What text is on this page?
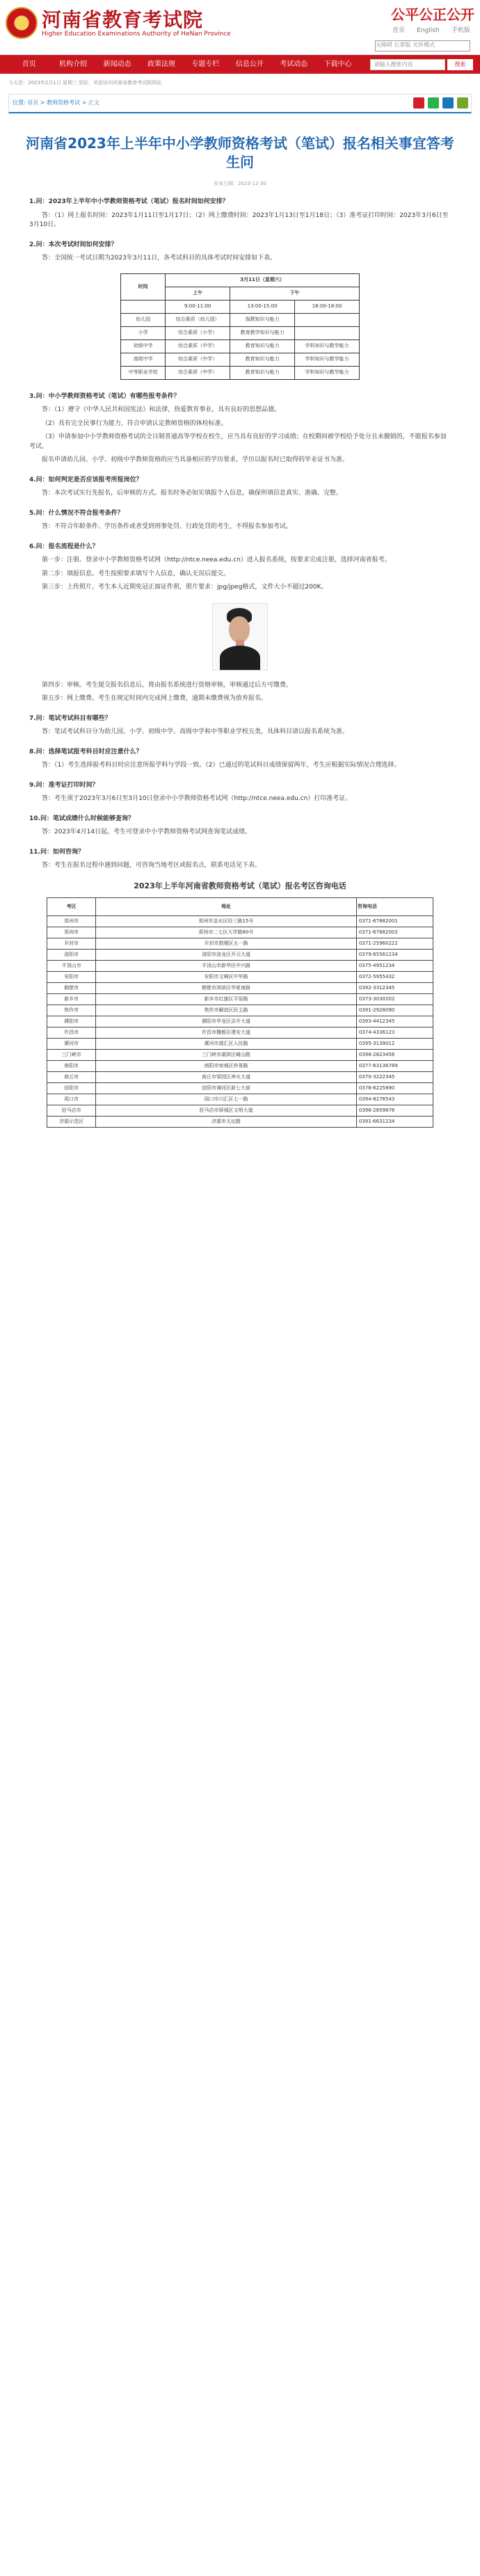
河南省教育考试院
Higher Education Examinations Authority of HeNan Province
公平公正公开
首页 English 手机版
无障碍 长辈版 关怀模式
首页	机构介绍	新闻动态	政策法规	专题专栏	信息公开	考试动态	下载中心	请输入搜索内容	搜索
今天是：2023年2月1日 星期三 您好，欢迎访问河南省教育考试院网站
位置: 首页 > 教师资格考试 > 正文
河南省2023年上半年中小学教师资格考试（笔试）报名相关事宜答考生问
发布日期：2023-12-30

1.问：2023年上半年中小学教师资格考试（笔试）报名时间如何安排？

答：（1）网上报名时间：2023年1月11日至1月17日；（2）网上缴费时间：2023年1月13日至1月18日；（3）准考证打印时间：2023年3月6日至3月10日。

2.问：本次考试时间如何安排？

答：全国统一考试日期为2023年3月11日，各考试科目的具体考试时间安排如下表。

时间	3月11日（星期六）		
	上午	下午	
	9:00-11:00	13:00-15:00	16:00-18:00
幼儿园	综合素质（幼儿园）	保教知识与能力	
小学	综合素质（小学）	教育教学知识与能力	
初级中学	综合素质（中学）	教育知识与能力	学科知识与教学能力
高级中学	综合素质（中学）	教育知识与能力	学科知识与教学能力
中等职业学校	综合素质（中学）	教育知识与能力	学科知识与教学能力

3.问：中小学教师资格考试（笔试）有哪些报考条件？

答：（1）遵守《中华人民共和国宪法》和法律，热爱教育事业，具有良好的思想品德。

（2）具有完全民事行为能力，符合申请认定教师资格的体检标准。

（3）申请参加中小学教师资格考试的全日制普通高等学校在校生，应当具有良好的学习成绩；在校期间被学校给予处分且未撤销的，不能报名参加考试。

报名申请幼儿园、小学、初级中学教师资格的应当具备相应的学历要求，学历以报名时已取得的毕业证书为准。

4.问：如何判定是否应该报考所报岗位？

答：本次考试实行先报名，后审核的方式。报名时务必如实填报个人信息，确保所填信息真实、准确、完整。

5.问：什么情况不符合报考条件？

答：不符合年龄条件、学历条件或者受到刑事处罚、行政处罚的考生，不得报名参加考试。

6.问：报名流程是什么？

第一步：注册。登录中小学教师资格考试网（http://ntce.neea.edu.cn）进入报名系统，按要求完成注册，选择河南省报考。

第二步：填报信息。考生按照要求填写个人信息，确认无误后提交。

第三步：上传照片。考生本人近期免冠正面证件照，照片要求：jpg/jpeg格式，文件大小不超过200K。

第四步：审核。考生提交报名信息后，将由报名系统进行资格审核，审核通过后方可缴费。

第五步：网上缴费。考生在规定时间内完成网上缴费，逾期未缴费视为放弃报名。

7.问：笔试考试科目有哪些？

答：笔试考试科目分为幼儿园、小学、初级中学、高级中学和中等职业学校五类，具体科目请以报名系统为准。

8.问：选择笔试报考科目时应注意什么？

答：（1）考生选择报考科目时应注意所报学科与学段一致。（2）已通过的笔试科目成绩保留两年，考生应根据实际情况合理选择。

9.问：准考证打印时间？

答：考生须于2023年3月6日至3月10日登录中小学教师资格考试网（http://ntce.neea.edu.cn）打印准考证。

10.问：笔试成绩什么时候能够查询？

答：2023年4月14日起，考生可登录中小学教师资格考试网查询笔试成绩。

11.问：如何咨询？

答：考生在报名过程中遇到问题，可咨询当地考区或报名点，联系电话见下表。

2023年上半年河南省教师资格考试（笔试）报名考区咨询电话
考区	地址	咨询电话
郑州市	郑州市金水区经三路15号	0371-67882001
郑州市	郑州市二七区大学路80号	0371-67882002
开封市	开封市鼓楼区五一路	0371-25960222
洛阳市	洛阳市洛龙区开元大道	0379-65561234
平顶山市	平顶山市新华区中兴路	0375-4951234
安阳市	安阳市文峰区中华路	0372-5955432
鹤壁市	鹤壁市淇滨区华夏南路	0392-3312345
新乡市	新乡市红旗区平原路	0373-3030202
焦作市	焦作市解放区民主路	0391-2928090
濮阳市	濮阳市华龙区京开大道	0393-4412345
许昌市	许昌市魏都区建安大道	0374-4336123
漯河市	漯河市源汇区人民路	0395-3139012
三门峡市	三门峡市湖滨区崤山路	0398-2823456
南阳市	南阳市宛城区仲景路	0377-63136789
商丘市	商丘市梁园区神火大道	0370-3222345
信阳市	信阳市浉河区新七大街	0376-6225890
周口市	周口市川汇区七一路	0394-8276543
驻马店市	驻马店市驿城区文明大道	0396-2859876
济源示范区	济源市天坛路	0391-6631234
